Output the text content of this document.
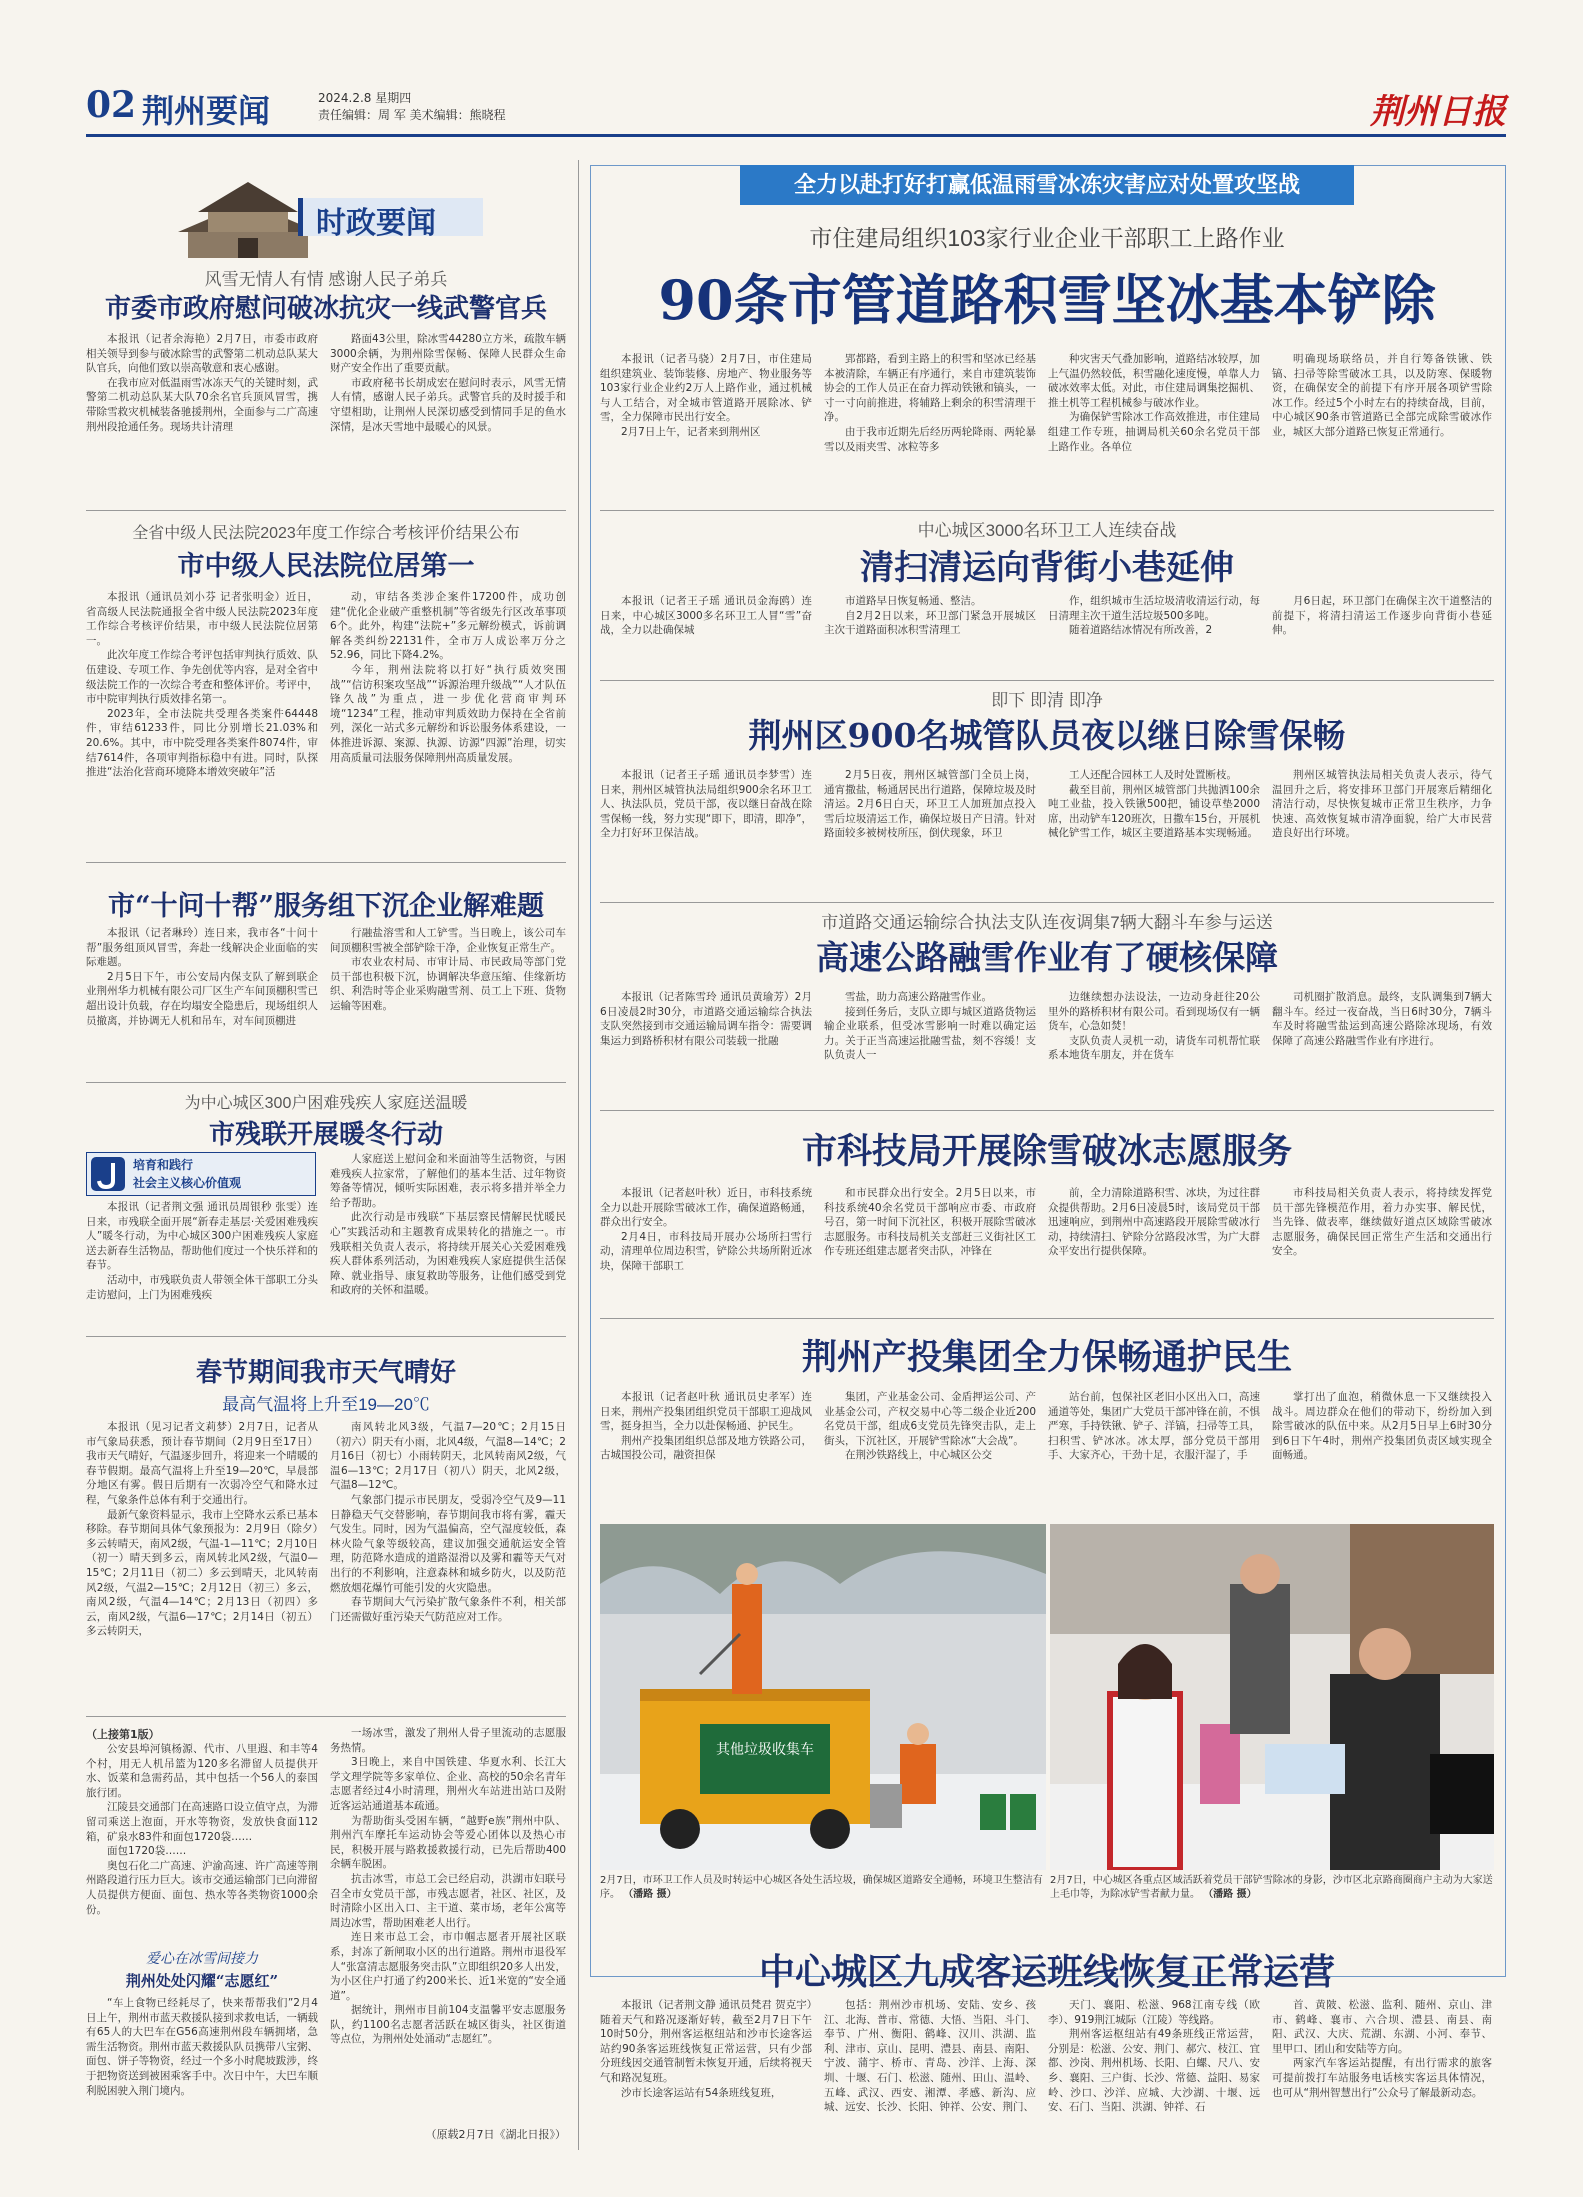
02 荆州要闻	2024.2.8 星期四
责任编辑：周 军 美术编辑：熊晓程	荆州日报
时政要闻
风雪无情人有情 感谢人民子弟兵
市委市政府慰问破冰抗灾一线武警官兵

本报讯（记者余海艳）2月7日，市委市政府相关领导到参与破冰除雪的武警第二机动总队某大队官兵，向他们致以崇高敬意和衷心感谢。
在我市应对低温雨雪冰冻天气的关键时刻，武警第二机动总队某大队70余名官兵顶风冒雪，携带除雪救灾机械装备驰援荆州，全面参与二广高速荆州段抢通任务。现场共计清理

路面43公里，除冰雪44280立方米，疏散车辆3000余辆，为荆州除雪保畅、保障人民群众生命财产安全作出了重要贡献。
市政府秘书长胡成宏在慰问时表示，风雪无情人有情，感谢人民子弟兵。武警官兵的及时援手和守望相助，让荆州人民深切感受到情同手足的鱼水深情，是冰天雪地中最暖心的风景。

全省中级人民法院2023年度工作综合考核评价结果公布
市中级人民法院位居第一

本报讯（通讯员刘小芬 记者张明金）近日，省高级人民法院通报全省中级人民法院2023年度工作综合考核评价结果，市中级人民法院位居第一。
此次年度工作综合考评包括审判执行质效、队伍建设、专项工作、争先创优等内容，是对全省中级法院工作的一次综合考查和整体评价。考评中，市中院审判执行质效排名第一。
2023年，全市法院共受理各类案件64448件，审结61233件，同比分别增长21.03%和20.6%。其中，市中院受理各类案件8074件，审结7614件，各项审判指标稳中有进。同时，队探推进“法治化营商环境降本增效突破年”活

动，审结各类涉企案件17200件，成功创建“优化企业破产重整机制”等省级先行区改革事项6个。此外，构建“法院+”多元解纷模式，诉前调解各类纠纷22131件，全市万人成讼率万分之52.96，同比下降4.2%。
今年，荆州法院将以打好“执行质效突围战”“信访积案攻坚战”“诉源治理升级战”“人才队伍锋久战”为重点，进一步优化营商审判环境“1234”工程，推动审判质效助力保持在全省前列，深化一站式多元解纷和诉讼服务体系建设，一体推进诉源、案源、执源、访源“四源”治理，切实用高质量司法服务保障荆州高质量发展。

市“十问十帮”服务组下沉企业解难题

本报讯（记者琳玲）连日来，我市各“十问十帮”服务组顶风冒雪，奔赴一线解决企业面临的实际难题。
2月5日下午，市公安局内保支队了解到联企业荆州华力机械有限公司厂区生产车间顶棚积雪已超出设计负载，存在均塌安全隐患后，现场组织人员撤离，并协调无人机和吊车，对车间顶棚进

行融盐溶雪和人工铲雪。当日晚上，该公司车间顶棚积雪被全部铲除干净，企业恢复正常生产。
市农业农村局、市审计局、市民政局等部门党员干部也积极下沉，协调解决华意压缩、佳缘新坊织、利浩时等企业采购融雪剂、员工上下班、货物运输等困难。

为中心城区300户困难残疾人家庭送温暖
市残联开展暖冬行动
培育和践行
社会主义核心价值观

本报讯（记者荆文强 通讯员周银秒 张雯）连日来，市残联全面开展“新春走基层·关爱困难残疾人”暖冬行动，为中心城区300户困难残疾人家庭送去新春生活物品，帮助他们度过一个快乐祥和的春节。
活动中，市残联负责人带领全体干部职工分头走访慰问，上门为困难残疾

人家庭送上慰问金和米面油等生活物资，与困难残疾人拉家常，了解他们的基本生活、过年物资筹备等情况，倾听实际困难，表示将多措并举全力给予帮助。
此次行动是市残联“下基层察民情解民忧暖民心”实践活动和主题教育成果转化的措施之一。市残联相关负责人表示，将持续开展关心关爱困难残疾人群体系列活动，为困难残疾人家庭提供生活保障、就业指导、康复救助等服务，让他们感受到党和政府的关怀和温暖。

春节期间我市天气晴好
最高气温将上升至19—20℃

本报讯（见习记者文莉梦）2月7日，记者从市气象局获悉，预计春节期间（2月9日至17日）我市天气晴好，气温逐步回升，将迎来一个晴暖的春节假期。最高气温将上升至19—20℃，早晨部分地区有雾。假日后期有一次弱冷空气和降水过程，气象条件总体有利于交通出行。
最新气象资料显示，我市上空降水云系已基本移除。春节期间具体气象预报为：2月9日（除夕）多云转晴天，南风2级，气温-1—11℃；2月10日（初一）晴天到多云，南风转北风2级，气温0—15℃；2月11日（初二）多云到晴天，北风转南风2级，气温2—15℃；2月12日（初三）多云，南风2级，气温4—14℃；2月13日（初四）多云，南风2级，气温6—17℃；2月14日（初五）多云转阴天，

南风转北风3级，气温7—20℃；2月15日（初六）阴天有小雨，北风4级，气温8—14℃；2月16日（初七）小雨转阴天，北风转南风2级，气温6—13℃；2月17日（初八）阴天，北风2级，气温8—12℃。
气象部门提示市民朋友，受弱冷空气及9—11日静稳天气交替影响，春节期间我市将有雾，霾天气发生。同时，因为气温偏高，空气湿度较低，森林火险气象等级较高，建议加强交通航运安全管理，防范降水造成的道路湿滑以及雾和霾等天气对出行的不利影响，注意森林和城乡防火，以及防范燃放烟花爆竹可能引发的火灾隐患。
春节期间大气污染扩散气象条件不利，相关部门还需做好重污染天气防范应对工作。

（上接第1版）

公安县埠河镇杨源、代市、八里遐、和丰等4个村，用无人机吊篮为120多名滞留人员提供开水、饭菜和急需药品，其中包括一个56人的泰国旅行团。
江陵县交通部门在高速路口设立值守点，为滞留司乘送上泡面，开水等物资，发放快食面112箱，矿泉水83件和面包1720袋……
面包1720袋……
奥包石化二广高速、沪渝高速、许广高速等荆州路段道行压力巨大。该市交通运输部门已向滞留人员提供方便面、面包、热水等各类物资1000余份。

爱心在冰雪间接力
荆州处处闪耀“志愿红”

“车上食物已经耗尽了，快来帮帮我们”2月4日上午，荆州市蓝天救援队接到求救电话，一辆载有65人的大巴车在G56高速荆州段车辆拥堵，急需生活物资。荆州市蓝天救援队队员携带八宝粥、面包、饼子等物资，经过一个多小时爬坡跋涉，终于把物资送到被困乘客手中。次日中午，大巴车顺利脱困驶入荆门境内。

一场冰雪，激发了荆州人骨子里流动的志愿服务热情。
3日晚上，来自中国铁建、华夏水利、长江大学文理学院等多家单位、企业、高校的50余名青年志愿者经过4小时清理，荆州火车站进出站口及附近客运站通道基本疏通。
为帮助街头受困车辆，“越野e族”荆州中队、荆州汽车摩托车运动协会等爱心团体以及热心市民，积极开展与路救援救援行动，已先后帮助400余辆车脱困。
抗击冰雪，市总工会已经启动，洪湖市妇联号召全市女党员干部，市残志愿者，社区、社区，及时清除小区出入口、主干道、菜市场，老年公寓等周边冰雪，帮助困难老人出行。
连日来市总工会，市巾帼志愿者开展社区联系，封冻了新闸取小区的出行道路。荆州市退役军人“张富清志愿服务突击队”立即组织20多人出发，为小区住户打通了约200米长、近1米宽的“安全通道”。
据统计，荆州市目前104支温馨平安志愿服务队，约1100名志愿者活跃在城区街头，社区街道等点位，为荆州处处涌动“志愿红”。

（原载2月7日《湖北日报》）
全力以赴打好打赢低温雨雪冰冻灾害应对处置攻坚战
市住建局组织103家行业企业干部职工上路作业
90条市管道路积雪坚冰基本铲除

本报讯（记者马骁）2月7日，市住建局组织建筑业、装饰装修、房地产、物业服务等103家行业企业约2万人上路作业，通过机械与人工结合，对全城市管道路开展除冰、铲雪，全力保障市民出行安全。
2月7日上午，记者来到荆州区

郢都路，看到主路上的积雪和坚冰已经基本被清除，车辆正有序通行，来自市建筑装饰协会的工作人员正在奋力挥动铁锹和镐头，一寸一寸向前推进，将辅路上剩余的积雪清理干净。
由于我市近期先后经历两轮降雨、两轮暴雪以及雨夹雪、冰粒等多

种灾害天气叠加影响，道路结冰较厚，加上气温仍然较低，积雪融化速度慢，单靠人力破冰效率太低。对此，市住建局调集挖掘机、推土机等工程机械参与破冰作业。
为确保铲雪除冰工作高效推进，市住建局组建工作专班，抽调局机关60余名党员干部上路作业。各单位

明确现场联络员，并自行筹备铁锹、铁镐、扫帚等除雪破冰工具，以及防寒、保暖物资，在确保安全的前提下有序开展各项铲雪除冰工作。经过5个小时左右的持续奋战，目前，中心城区90条市管道路已全部完成除雪破冰作业，城区大部分道路已恢复正常通行。

中心城区3000名环卫工人连续奋战
清扫清运向背街小巷延伸

本报讯（记者王子瑶 通讯员金海鸥）连日来，中心城区3000多名环卫工人冒“雪”奋战，全力以赴确保城

市道路早日恢复畅通、整洁。
自2月2日以来，环卫部门紧急开展城区主次干道路面积冰积雪清理工

作，组织城市生活垃圾清收清运行动，每日清理主次干道生活垃圾500多吨。
随着道路结冰情况有所改善，2

月6日起，环卫部门在确保主次干道整洁的前提下，将清扫清运工作逐步向背街小巷延伸。

即下 即清 即净
荆州区900名城管队员夜以继日除雪保畅

本报讯（记者王子瑶 通讯员李梦雪）连日来，荆州区城管执法局组织900余名环卫工人、执法队员，党员干部，夜以继日奋战在除雪保畅一线，努力实现“即下，即清，即净”，全力打好环卫保洁战。

2月5日夜，荆州区城管部门全员上岗，通宵撒盐，畅通居民出行道路，保障垃圾及时清运。2月6日白天，环卫工人加班加点投入雪后垃圾清运工作，确保垃圾日产日清。针对路面较多被树枝所压，倒伏现象，环卫

工人还配合园林工人及时处置断枝。
截至目前，荆州区城管部门共抛洒100余吨工业盐，投入铁锹500把，铺设草垫2000席，出动铲车120班次，日撒车15台，开展机械化铲雪工作，城区主要道路基本实现畅通。

荆州区城管执法局相关负责人表示，待气温回升之后，将安排环卫部门开展寒后精细化清洁行动，尽快恢复城市正常卫生秩序，力争快速、高效恢复城市清净面貌，给广大市民营造良好出行环境。

市道路交通运输综合执法支队连夜调集7辆大翻斗车参与运送
高速公路融雪作业有了硬核保障

本报讯（记者陈雪玲 通讯员黄瑜芳）2月6日凌晨2时30分，市道路交通运输综合执法支队突然接到市交通运输局调车指令：需要调集运力到路桥积材有限公司装载一批融

雪盐，助力高速公路融雪作业。
接到任务后，支队立即与城区道路货物运输企业联系，但受冰雪影响一时难以确定运力。关于正当高速运批融雪盐，刻不容缓！支队负责人一

边继续想办法设法，一边动身赶往20公里外的路桥积材有限公司。看到现场仅有一辆货车，心急如焚！
支队负责人灵机一动，请货车司机帮忙联系本地货车朋友，并在货车

司机圈扩散消息。最终，支队调集到7辆大翻斗车。经过一夜奋战，当日6时30分，7辆斗车及时将融雪盐运到高速公路除冰现场，有效保障了高速公路融雪作业有序进行。

市科技局开展除雪破冰志愿服务

本报讯（记者赵叶秋）近日，市科技系统全力以赴开展除雪破冰工作，确保道路畅通，群众出行安全。
2月4日，市科技局开展办公场所扫雪行动，清理单位周边积雪，铲除公共场所附近冰块，保障干部职工

和市民群众出行安全。2月5日以来，市科技系统40余名党员干部响应市委、市政府号召，第一时间下沉社区，积极开展除雪破冰志愿服务。市科技局机关支部赶三义街社区工作专班还组建志愿者突击队，冲锋在

前，全力清除道路积雪、冰块，为过往群众提供帮助。2月6日凌晨5时，该局党员干部迅速响应，到荆州中高速路段开展除雪破冰行动，持续清扫、铲除分岔路段冰雪，为广大群众平安出行提供保障。

市科技局相关负责人表示，将持续发挥党员干部先锋模范作用，着力办实事、解民忧，当先锋、做表率，继续做好道点区域除雪破冰志愿服务，确保民回正常生产生活和交通出行安全。

荆州产投集团全力保畅通护民生

本报讯（记者赵叶秋 通讯员史孝军）连日来，荆州产投集团组织党员干部职工迎战风雪，挺身担当，全力以赴保畅通、护民生。
荆州产投集团组织总部及地方铁路公司，古城国投公司，融资担保

集团，产业基金公司、金盾押运公司、产业基金公司，产权交易中心等二级企业近200名党员干部，组成6支党员先锋突击队，走上街头，下沉社区，开展铲雪除冰“大会战”。
在荆沙铁路线上，中心城区公交

站台前，包保社区老旧小区出入口，高速通道等处，集团广大党员干部冲锋在前，不惧严寒，手持铁锹、铲子、洋镐，扫帚等工具，扫积雪、铲冰冰。冰太厚，部分党员干部用手、大家齐心，干劲十足，衣服汗湿了，手

掌打出了血泡，稍微休息一下又继续投入战斗。周边群众在他们的带动下，纷纷加入到除雪破冰的队伍中来。从2月5日早上6时30分到6日下午4时，荆州产投集团负责区域实现全面畅通。

其他垃圾收集车
2月7日，市环卫工作人员及时转运中心城区各处生活垃圾，确保城区道路安全通畅，环境卫生整洁有序。 （潘路 摄）
2月7日，中心城区各重点区域活跃着党员干部铲雪除冰的身影，沙市区北京路商圈商户主动为大家送上毛巾等，为除冰铲雪者献力量。 （潘路 摄）
中心城区九成客运班线恢复正常运营

本报讯（记者荆文静 通讯员梵君 贺克宇）随着天气和路况逐渐好转，截至2月7日下午10时50分，荆州客运枢纽站和沙市长途客运站约90条客运班线恢复正常运营，只有少部分班线因交通管制暂未恢复开通，后续将视天气和路况复班。
沙市长途客运站有54条班线复班，

包括：荆州沙市机场、安陆、安乡、孩江、北海、普市、常德、大悟、当阳、斗门、奉节、广州、衡阳、鹤峰、汉川、洪湖、监利、津市、京山、昆明、澧县、南县、南阳、宁波、蒲宇、桥市、青岛、沙洋、上海、深圳、十堰、石门、松滋、随州、田山、温岭、五峰、武汉、西安、湘潭、孝感、新沟、应城、远安、长沙、长阳、钟祥、公安、荆门、

天门、襄阳、松滋、968江南专线（欧李）、919荆江城际（江陵）等线路。
荆州客运枢纽站有49条班线正常运营，分别是：松滋、公安、荆门、郝穴、枝江、宜都、沙岗、荆州机场、长阳、白螺、尺八、安乡、襄阳、三户街、长沙、常德、益阳、易家岭、沙口、沙洋、应城、大沙湖、十堰、远安、石门、当阳、洪湖、钟祥、石

首、黄陂、松滋、监利、随州、京山、津市、鹤峰、襄市、六合坝、澧县、南县、南阳、武汉、大庆、荒湖、东湖、小河、奉节、里甲口、团山和安陆等方向。
两家汽车客运站提醒，有出行需求的旅客可提前拨打车站服务电话核实客运具体情况，也可从“荆州智慧出行”公众号了解最新动态。
